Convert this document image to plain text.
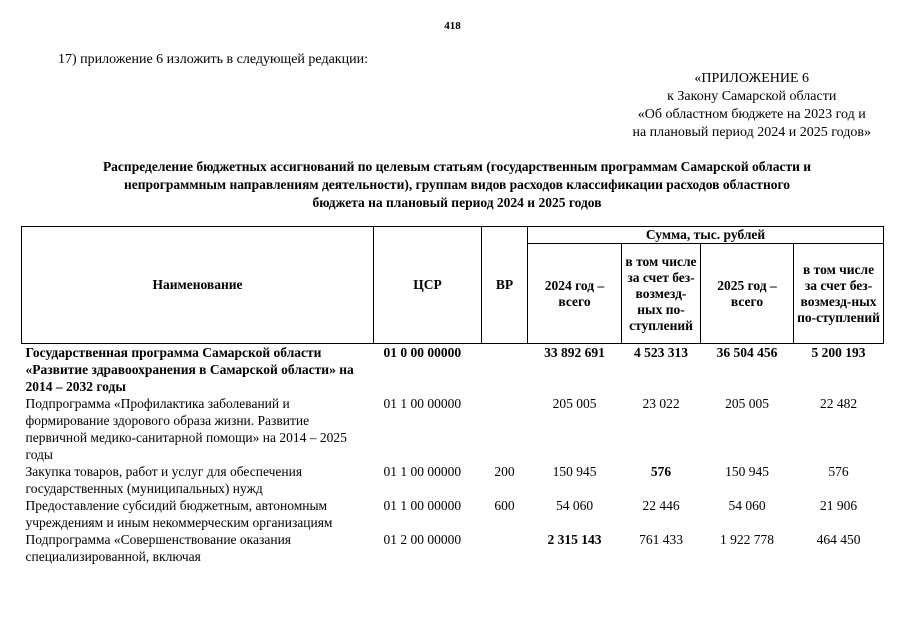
418
17) приложение 6 изложить в следующей редакции:
«ПРИЛОЖЕНИЕ 6
к Закону Самарской области
«Об областном бюджете на 2023 год и
на плановый период 2024 и 2025 годов»
Распределение бюджетных ассигнований по целевым статьям (государственным программам Самарской области и
непрограммным направлениям деятельности), группам видов расходов классификации расходов областного
бюджета на плановый период 2024 и 2025 годов
Наименование	ЦСР	ВР	Сумма, тыс. рублей			
			2024 год – всего	в том числе за счет без-возмезд-ных по-ступлений	2025 год – всего	в том числе за счет без-возмезд-ных по-ступлений
Государственная программа Самарской области «Развитие здравоохранения в Самарской области» на 2014 – 2032 годы	01 0 00 00000		33 892 691	4 523 313	36 504 456	5 200 193
Подпрограмма «Профилактика заболеваний и формирование здорового образа жизни. Развитие первичной медико-санитарной помощи» на 2014 – 2025 годы	01 1 00 00000		205 005	23 022	205 005	22 482
Закупка товаров, работ и услуг для обеспечения государственных (муниципальных) нужд	01 1 00 00000	200	150 945	576	150 945	576
Предоставление субсидий бюджетным, автономным учреждениям и иным некоммерческим организациям	01 1 00 00000	600	54 060	22 446	54 060	21 906
Подпрограмма «Совершенствование оказания специализированной, включая	01 2 00 00000		2 315 143	761 433	1 922 778	464 450
